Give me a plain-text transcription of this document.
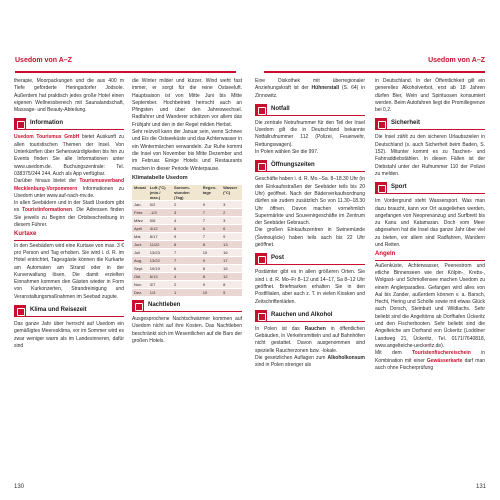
Usedom von A–Z	Usedom von A–Z

therapie, Moorpackungen und die aus 400 m Tiefe geförderte Heringsdorfer Jodsole. Außerdem hat praktisch jedes große Hotel einen eigenen Wellnessbereich mit Saunalandschaft, Massage- und Beauty-Abteilung.

Information

Usedom Tourismus GmbH bietet Auskunft zu allen touristischen Themen der Insel. Von Unterkünften über Sehenswürdigkeiten bis hin zu Events finden Sie alle Informationen unter www.usedom.de. Buchungszentrale: Tel. 038375/244 244. Auch als App verfügbar.

Darüber hinaus bietet der Tourismusverband Mecklenburg-Vorpommern Informationen zu Usedom unter www.auf-nach-mv.de.

In allen Seebädern und in der Stadt Usedom gibt es Touristinformationen. Die Adressen finden Sie jeweils zu Beginn der Ortsbeschreibung in diesem Führer.

Kurtaxe

In den Seebädern wird eine Kurtaxe von max. 3 € pro Person und Tag erhoben. Sie wird i. d. R. im Hotel entrichtet, Tagesgäste können die Kurkarte am Automaten am Strand oder in der Kurverwaltung lösen. Die damit erzielten Einnahmen kommen den Gästen wieder in Form von Kurkonzerten, Strandreinigung und Veranstaltungsmaßnahmen im Seebad zugute.

Klima und Reisezeit

Das ganze Jahr über herrscht auf Usedom ein gemäßigtes Meeresklima, vor im Sommer wird es zwar weniger warm als im Landesinneren, dafür sind

die Winter milder und kürzer. Wind weht fast immer, er sorgt für die reine Ostseeluft. Hauptsaison ist von Mitte Juni bis Mitte September. Hochbetrieb herrscht auch an Pfingsten und über den Jahreswechsel. Radfahrer und Wanderer schätzen vor allem das Frühjahr und den in der Regel milden Herbst.

Sehr reizvoll kann der Januar sein, wenn Schnee und Eis die Ostseeküste und das Achterwasser in ein Wintermärchen verwandeln. Zur Ruhe kommt die Insel von November bis Mitte Dezember und im Februar. Einige Hotels und Restaurants machen in dieser Periode Winterpause.

Klimatabelle Usedom
Monat	Luft (°C) (min./ max.)	Sonnen-stunden (Tag)	Regen-tage	Wasser (°C)
Jan.	0/2	2	9	3
Febr.	-1/3	3	7	2
März	0/6	4	7	3
April	4/12	6	6	6
Mai	8/17	9	7	9
Juni	11/22	8	8	13
Juli	13/23	7	10	16
Aug.	13/22	7	9	17
Sept.	10/19	6	8	15
Okt.	6/13	4	8	12
Nov.	3/7	2	9	8
Dez.	1/3	1	10	5
Nachtleben

Ausgesprochene Nachtschwärmer kommen auf Usedom nicht auf ihre Kosten. Das Nachtleben beschränkt sich im Wesentlichen auf die Bars der großen Hotels.

Eine Diskothek mit überregionaler Anziehungskraft ist der Hühnerstall (S. 64) in Zinnowitz.

Notfall

Die zentrale Notrufnummer für den Teil der Insel Usedom gilt die in Deutschland bekannte Notfallrufnummer 112 (Polizei, Feuerwehr, Rettungswagen).

In Polen wählen Sie die 997.

Öffnungszeiten

Geschäfte haben i. d. R. Mo.–Sa. 8–18.30 Uhr (in den Einkaufsstraßen der Seebäder teils bis 20 Uhr) geöffnet. Nach der Bäderverkaufsordnung dürfen sie zudem zusätzlich So von 11.30–18.30 Uhr öffnen. Davon machen vornehmlich Supermärkte und Souvenirgeschäfte im Zentrum der Seebäder Gebrauch.

Die großen Einkaufszentren in Swinemünde (Świnoujście) haben teils auch bis 22 Uhr geöffnet.

Post

Postämter gibt es in allen größeren Orten. Sie sind i. d. R. Mo–Fr 8–12 und 14–17, Sa 8–12 Uhr geöffnet. Briefmarken erhalten Sie in den Postfilialen, aber auch z. T. in vielen Kiosken und Zeitschriftenläden.

Rauchen und Alkohol

In Polen ist das Rauchen in öffentlichen Gebäuden, in Verkehrsmitteln und auf Bahnhöfen nicht gestattet. Davon ausgenommen sind spezielle Raucherzonen bzw. -lokale.

Die gesetzlichen Auflagen zum Alkoholkonsum sind in Polen strenger als

in Deutschland. In der Öffentlichkeit gilt ein generelles Alkoholverbot, erst ab 18 Jahren dürfen Bier, Wein und Spirituosen konsumiert werden. Beim Autofahren liegt die Promillegrenze bei 0,2.

Sicherheit

Die Insel zählt zu den sicheren Urlaubszielen in Deutschland (s. auch Sicherheit beim Baden, S. 152). Mitunter kommt es zu Taschen- und Fahrraddiebstählen. In diesen Fällen ist der Diebstahl unter der Rufnummer 110 der Polizei zu melden.

Sport

Im Vordergrund steht Wassersport. Was man dazu braucht, kann vor Ort ausgeliehen werden, angefangen von Neoprenanzug und Surfbrett bis zu Kanu und Katamaran. Doch vom Meer abgesehen hat die Insel das ganze Jahr über viel zu bieten, vor allem sind Radfahren, Wandern und Reiten.

Angeln

Außenküste, Achterwasser, Peenestrom und etliche Binnenseen wie der Kölpin-, Krebs-, Wolgast- und Schmollensee machen Usedom zu einem Anglerparadies. Gefangen wird alles von Aal bis Zander, außerdem können v. a. Barsch, Hecht, Hering und Scholle sowie mit etwas Glück auch Dorsch, Steinbutt und Wildlachs. Sehr beliebt sind die Angeltörns ab Dorfhafen Ückeritz und den Fischerbooten. Sehr beliebt sind die Angelteiche am Dorfrand von Ückeritz (Loddiner Landweg 21, Ückeritz, Tel. 0171/7640818, www.angelteiche-ueckeritz.de).

Mit dem Touristenfischereischein in Kombination mit einer Gewässerkarte darf man auch ohne Fischerprüfung

130	131
